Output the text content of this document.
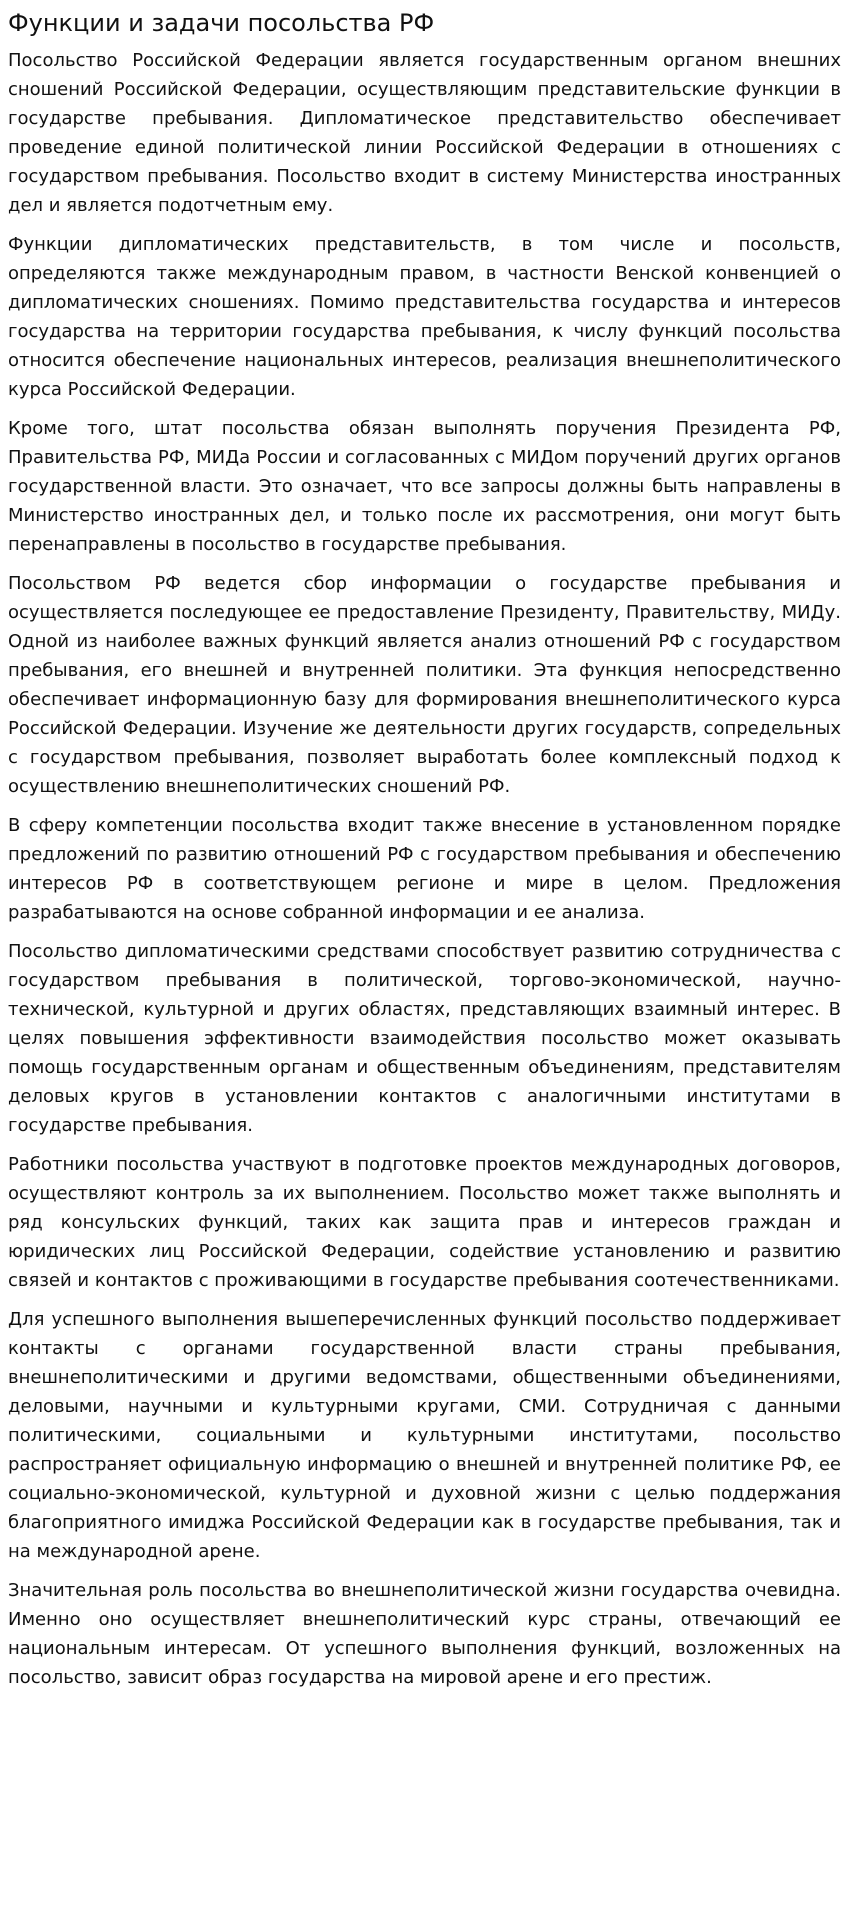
Функции и задачи посольства РФ

Посольство Российской Федерации является государственным органом внешних сношений Российской Федерации, осуществляющим представительские функции в государстве пребывания. Дипломатическое представительство обеспечивает проведение единой политической линии Российской Федерации в отношениях с государством пребывания. Посольство входит в систему Министерства иностранных дел и является подотчетным ему.

Функции дипломатических представительств, в том числе и посольств, определяются также международным правом, в частности Венской конвенцией о дипломатических сношениях. Помимо представительства государства и интересов государства на территории государства пребывания, к числу функций посольства относится обеспечение национальных интересов, реализация внешнеполитического курса Российской Федерации.

Кроме того, штат посольства обязан выполнять поручения Президента РФ, Правительства РФ, МИДа России и согласованных с МИДом поручений других органов государственной власти. Это означает, что все запросы должны быть направлены в Министерство иностранных дел, и только после их рассмотрения, они могут быть перенаправлены в посольство в государстве пребывания.

Посольством РФ ведется сбор информации о государстве пребывания и осуществляется последующее ее предоставление Президенту, Правительству, МИДу. Одной из наиболее важных функций является анализ отношений РФ с государством пребывания, его внешней и внутренней политики. Эта функция непосредственно обеспечивает информационную базу для формирования внешнеполитического курса Российской Федерации. Изучение же деятельности других государств, сопредельных с государством пребывания, позволяет выработать более комплексный подход к осуществлению внешнеполитических сношений РФ.

В сферу компетенции посольства входит также внесение в установленном порядке предложений по развитию отношений РФ с государством пребывания и обеспечению интересов РФ в соответствующем регионе и мире в целом. Предложения разрабатываются на основе собранной информации и ее анализа.

Посольство дипломатическими средствами способствует развитию сотрудничества с государством пребывания в политической, торгово-экономической, научно-технической, культурной и других областях, представляющих взаимный интерес. В целях повышения эффективности взаимодействия посольство может оказывать помощь государственным органам и общественным объединениям, представителям деловых кругов в установлении контактов с аналогичными институтами в государстве пребывания.

Работники посольства участвуют в подготовке проектов международных договоров, осуществляют контроль за их выполнением. Посольство может также выполнять и ряд консульских функций, таких как защита прав и интересов граждан и юридических лиц Российской Федерации, содействие установлению и развитию связей и контактов с проживающими в государстве пребывания соотечественниками.

Для успешного выполнения вышеперечисленных функций посольство поддерживает контакты с органами государственной власти страны пребывания, внешнеполитическими и другими ведомствами, общественными объединениями, деловыми, научными и культурными кругами, СМИ. Сотрудничая с данными политическими, социальными и культурными институтами, посольство распространяет официальную информацию о внешней и внутренней политике РФ, ее социально-экономической, культурной и духовной жизни с целью поддержания благоприятного имиджа Российской Федерации как в государстве пребывания, так и на международной арене.

Значительная роль посольства во внешнеполитической жизни государства очевидна. Именно оно осуществляет внешнеполитический курс страны, отвечающий ее национальным интересам. От успешного выполнения функций, возложенных на посольство, зависит образ государства на мировой арене и его престиж.
